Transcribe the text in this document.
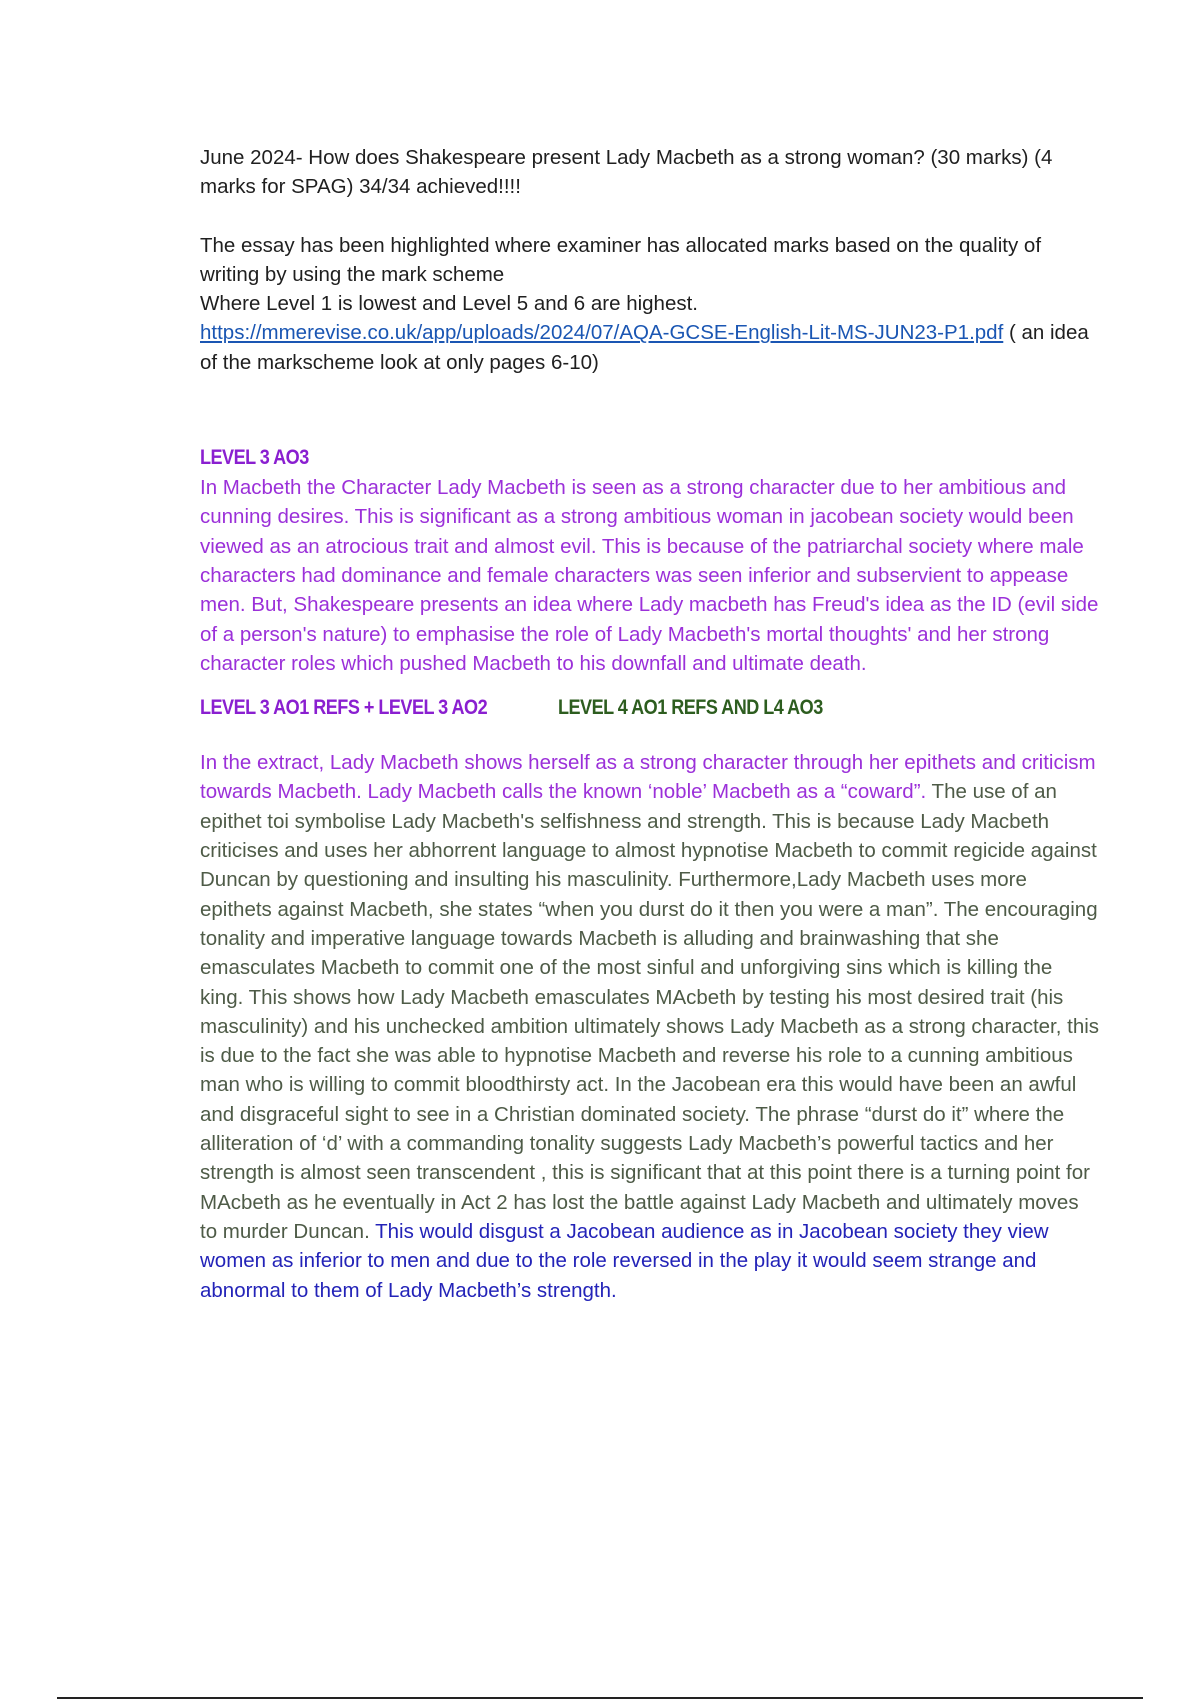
June 2024- How does Shakespeare present Lady Macbeth as a strong woman? (30 marks) (4 marks for SPAG) 34/34 achieved!!!!

The essay has been highlighted where examiner has allocated marks based on the quality of writing by using the mark scheme

Where Level 1 is lowest and Level 5 and 6 are highest.

https://mmerevise.co.uk/app/uploads/2024/07/AQA-GCSE-English-Lit-MS-JUN23-P1.pdf ( an idea of the markscheme look at only pages 6-10)

LEVEL 3 AO3

In Macbeth the Character Lady Macbeth is seen as a strong character due to her ambitious and cunning desires. This is significant as a strong ambitious woman in jacobean society would been viewed as an atrocious trait and almost evil. This is because of the patriarchal society where male characters had dominance and female characters was seen inferior and subservient to appease men. But, Shakespeare presents an idea where Lady macbeth has Freud's idea as the ID (evil side of a person's nature) to emphasise the role of Lady Macbeth's mortal thoughts' and her strong character roles which pushed Macbeth to his downfall and ultimate death.

LEVEL 3 AO1 REFS + LEVEL 3 AO2	LEVEL 4 AO1 REFS AND L4 AO3

In the extract, Lady Macbeth shows herself as a strong character through her epithets and criticism towards Macbeth. Lady Macbeth calls the known ‘noble’ Macbeth as a “coward”. The use of an epithet toi symbolise Lady Macbeth's selfishness and strength. This is because Lady Macbeth criticises and uses her abhorrent language to almost hypnotise Macbeth to commit regicide against Duncan by questioning and insulting his masculinity. Furthermore,Lady Macbeth uses more epithets against Macbeth, she states “when you durst do it then you were a man”. The encouraging tonality and imperative language towards Macbeth is alluding and brainwashing that she emasculates Macbeth to commit one of the most sinful and unforgiving sins which is killing the king. This shows how Lady Macbeth emasculates MAcbeth by testing his most desired trait (his masculinity) and his unchecked ambition ultimately shows Lady Macbeth as a strong character, this is due to the fact she was able to hypnotise Macbeth and reverse his role to a cunning ambitious man who is willing to commit bloodthirsty act. In the Jacobean era this would have been an awful and disgraceful sight to see in a Christian dominated society. The phrase “durst do it” where the alliteration of ‘d’ with a commanding tonality suggests Lady Macbeth’s powerful tactics and her strength is almost seen transcendent , this is significant that at this point there is a turning point for MAcbeth as he eventually in Act 2 has lost the battle against Lady Macbeth and ultimately moves to murder Duncan. This would disgust a Jacobean audience as in Jacobean society they view women as inferior to men and due to the role reversed in the play it would seem strange and abnormal to them of Lady Macbeth’s strength.
